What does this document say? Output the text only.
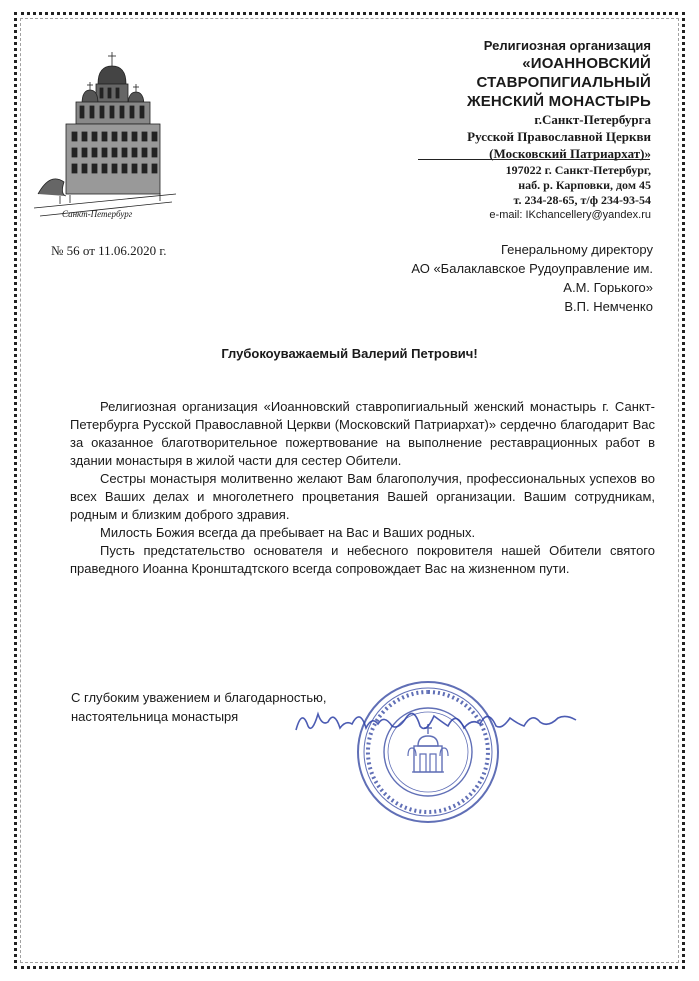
Санкт-Петербург
Религиозная организация
«ИОАННОВСКИЙ
СТАВРОПИГИАЛЬНЫЙ
ЖЕНСКИЙ МОНАСТЫРЬ
г.Санкт-Петербурга
Русской Православной Церкви
(Московский Патриархат)»
197022 г. Санкт-Петербург,
наб. р. Карповки, дом 45
т. 234-28-65, т/ф 234-93-54
e-mail: IKchancellery@yandex.ru
№ 56 от 11.06.2020 г.	Генеральному директору
АО «Балаклавское Рудоуправление им.
А.М. Горького»
В.П. Немченко
Глубокоуважаемый Валерий Петрович!

Религиозная организация «Иоанновский ставропигиальный женский монастырь г. Санкт-Петербурга Русской Православной Церкви (Московский Патриархат)» сердечно благодарит Вас за оказанное благотворительное пожертвование на выполнение реставрационных работ в здании монастыря в жилой части для сестер Обители.

Сестры монастыря молитвенно желают Вам благополучия, профессиональных успехов во всех Ваших делах и многолетнего процветания Вашей организации. Вашим сотрудникам, родным и близким доброго здравия.

Милость Божия всегда да пребывает на Вас и Ваших родных.

Пусть предстательство основателя и небесного покровителя нашей Обители святого праведного Иоанна Кронштадтского всегда сопровождает Вас на жизненном пути.

С глубоким уважением и благодарностью,
настоятельница монастыря
